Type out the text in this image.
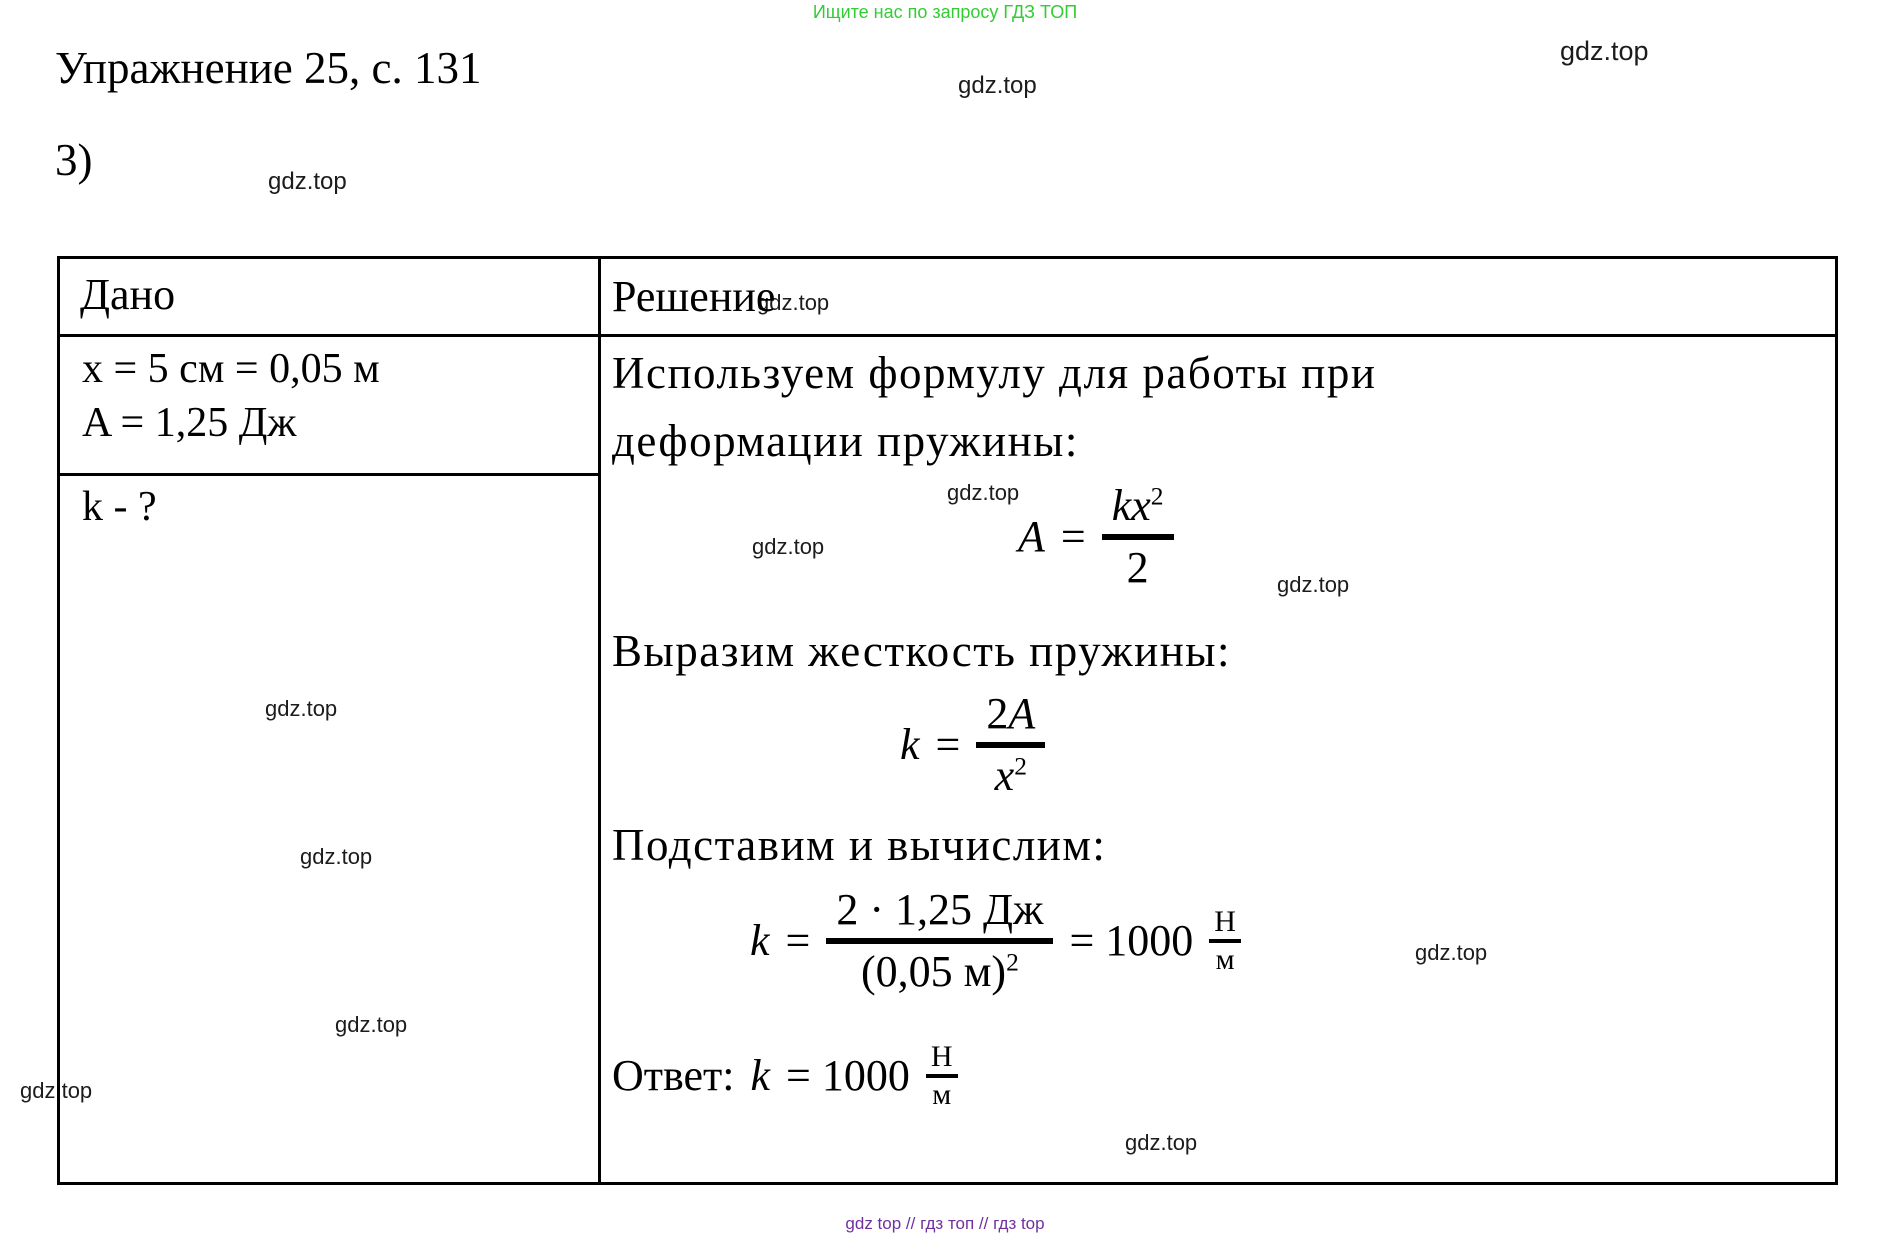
Ищите нас по запросу ГДЗ ТОП
gdz.top
gdz.top
gdz.top
gdz.top
gdz.top
gdz.top
gdz.top
gdz.top
gdz.top
gdz.top
gdz.top
gdz.top
gdz.top
Упражнение 25, с. 131
3)
Дано
x = 5 см = 0,05 м
A = 1,25 Дж
k - ?
Решение
Используем формулу для работы при
деформации пружины:
$A = \frac{kx^2}{2}$
Выразим жесткость пружины:
$k = \frac{2A}{x^2}$
Подставим и вычислим:
$k = \frac{2 \cdot 1,25 Дж}{(0,05 м)^2} = 1000 \frac{Н}{м}$
Ответ: $k = 1000 \frac{Н}{м}$
gdz top // гдз топ // гдз top
